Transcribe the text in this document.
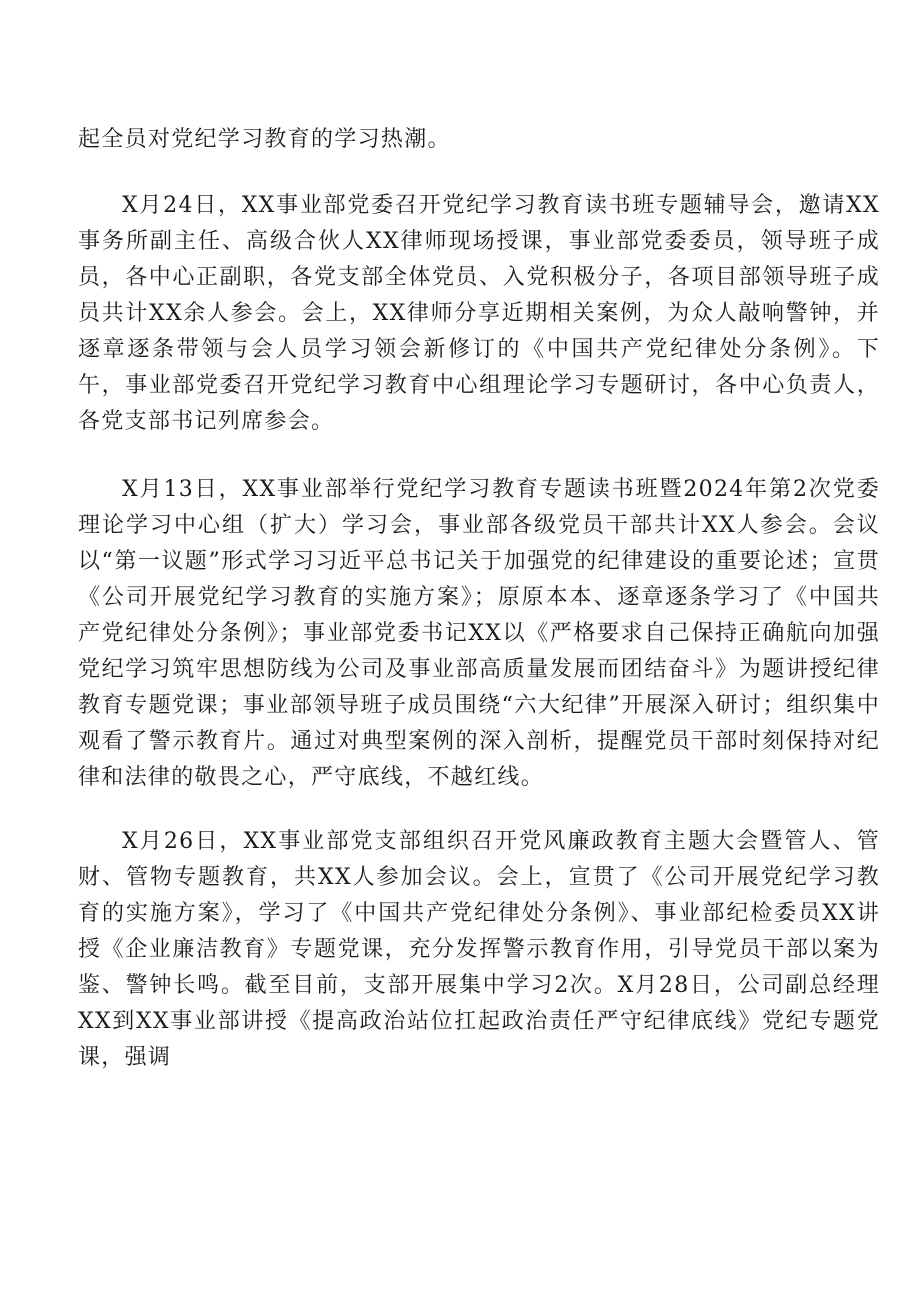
起全员对党纪学习教育的学习热潮。

X月24日，XX事业部党委召开党纪学习教育读书班专题辅导会，邀请XX事务所副主任、高级合伙人XX律师现场授课，事业部党委委员，领导班子成员，各中心正副职，各党支部全体党员、入党积极分子，各项目部领导班子成员共计XX余人参会。会上，XX律师分享近期相关案例，为众人敲响警钟，并逐章逐条带领与会人员学习领会新修订的《中国共产党纪律处分条例》。下午，事业部党委召开党纪学习教育中心组理论学习专题研讨，各中心负责人，各党支部书记列席参会。

X月13日，XX事业部举行党纪学习教育专题读书班暨2024年第2次党委理论学习中心组（扩大）学习会，事业部各级党员干部共计XX人参会。会议以“第一议题”形式学习习近平总书记关于加强党的纪律建设的重要论述；宣贯《公司开展党纪学习教育的实施方案》；原原本本、逐章逐条学习了《中国共产党纪律处分条例》；事业部党委书记XX以《严格要求自己保持正确航向加强党纪学习筑牢思想防线为公司及事业部高质量发展而团结奋斗》为题讲授纪律教育专题党课；事业部领导班子成员围绕“六大纪律”开展深入研讨；组织集中观看了警示教育片。通过对典型案例的深入剖析，提醒党员干部时刻保持对纪律和法律的敬畏之心，严守底线，不越红线。

X月26日，XX事业部党支部组织召开党风廉政教育主题大会暨管人、管财、管物专题教育，共XX人参加会议。会上，宣贯了《公司开展党纪学习教育的实施方案》，学习了《中国共产党纪律处分条例》、事业部纪检委员XX讲授《企业廉洁教育》专题党课，充分发挥警示教育作用，引导党员干部以案为鉴、警钟长鸣。截至目前，支部开展集中学习2次。X月28日，公司副总经理XX到XX事业部讲授《提高政治站位扛起政治责任严守纪律底线》党纪专题党课，强调
